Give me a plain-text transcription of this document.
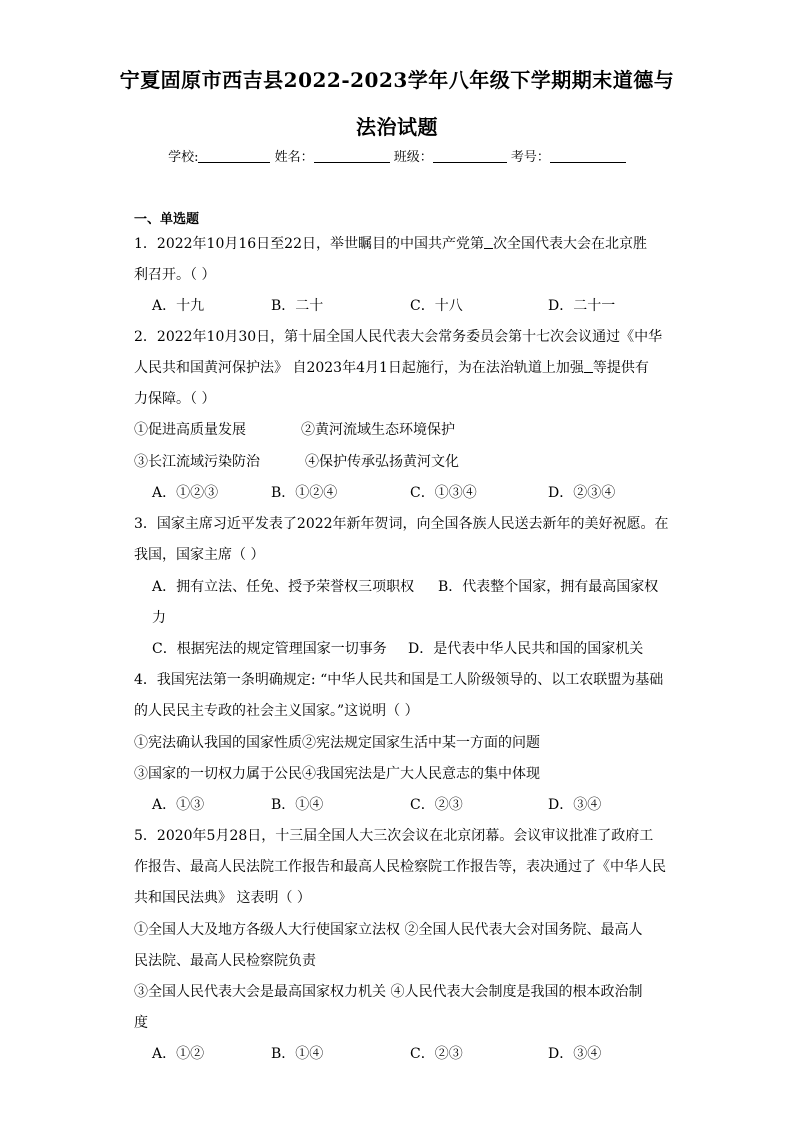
宁夏固原市西吉县2022-2023学年八年级下学期期末道德与
法治试题
学校:	姓名：	班级：	考号：
一、单选题
1．2022年10月16日至22日，举世瞩目的中国共产党第 次全国代表大会在北京胜
利召开。（ ）
A．十九	B．二十	C．十八	D．二十一
2．2022年10月30日，第十届全国人民代表大会常务委员会第十七次会议通过《中华
人民共和国黄河保护法》 自2023年4月1日起施行，为在法治轨道上加强 等提供有
力保障。（ ）
①促进高质量发展	②黄河流域生态环境保护
③长江流域污染防治	④保护传承弘扬黄河文化
A．①②③	B．①②④	C．①③④	D．②③④
3．国家主席习近平发表了2022年新年贺词，向全国各族人民送去新年的美好祝愿。在
我国，国家主席（ ）
A．拥有立法、任免、授予荣誉权三项职权 B．代表整个国家，拥有最高国家权
力
C．根据宪法的规定管理国家一切事务 D．是代表中华人民共和国的国家机关
4．我国宪法第一条明确规定: “中华人民共和国是工人阶级领导的、以工农联盟为基础
的人民民主专政的社会主义国家。”这说明（ ）
①宪法确认我国的国家性质②宪法规定国家生活中某一方面的问题
③国家的一切权力属于公民④我国宪法是广大人民意志的集中体现
A．①③	B．①④	C．②③	D．③④
5．2020年5月28日，十三届全国人大三次会议在北京闭幕。会议审议批准了政府工
作报告、最高人民法院工作报告和最高人民检察院工作报告等，表决通过了《中华人民
共和国民法典》 这表明（ ）
①全国人大及地方各级人大行使国家立法权 ②全国人民代表大会对国务院、最高人
民法院、最高人民检察院负责
③全国人民代表大会是最高国家权力机关 ④人民代表大会制度是我国的根本政治制
度
A．①②	B．①④	C．②③	D．③④
